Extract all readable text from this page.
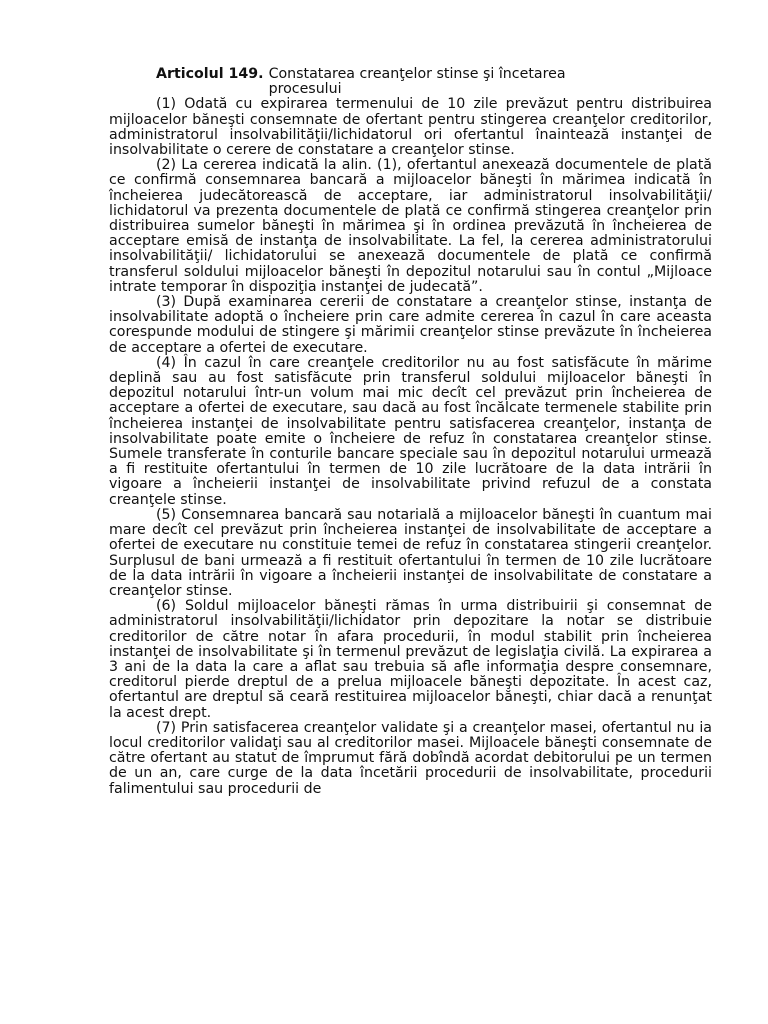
Articolul 149. Constatarea creanţelor stinse şi încetarea procesului

(1) Odată cu expirarea termenului de 10 zile prevăzut pentru distribuirea mijloacelor băneşti consemnate de ofertant pentru stingerea creanţelor creditorilor, administratorul insolvabilităţii/lichidatorul ori ofertantul înaintează instanţei de insolvabilitate o cerere de constatare a creanţelor stinse.

(2) La cererea indicată la alin. (1), ofertantul anexează documentele de plată ce confirmă consemnarea bancară a mijloacelor băneşti în mărimea indicată în încheierea judecătorească de acceptare, iar administratorul insolvabilităţii/ lichidatorul va prezenta documentele de plată ce confirmă stingerea creanţelor prin distribuirea sumelor băneşti în mărimea şi în ordinea prevăzută în încheierea de acceptare emisă de instanţa de insolvabilitate. La fel, la cererea administratorului insolvabilităţii/ lichidatorului se anexează documentele de plată ce confirmă transferul soldului mijloacelor băneşti în depozitul notarului sau în contul „Mijloace intrate temporar în dispoziţia instanţei de judecată”.

(3) După examinarea cererii de constatare a creanţelor stinse, instanţa de insolvabilitate adoptă o încheiere prin care admite cererea în cazul în care aceasta corespunde modului de stingere şi mărimii creanţelor stinse prevăzute în încheierea de acceptare a ofertei de executare.

(4) În cazul în care creanţele creditorilor nu au fost satisfăcute în mărime deplină sau au fost satisfăcute prin transferul soldului mijloacelor băneşti în depozitul notarului într-un volum mai mic decît cel prevăzut prin încheierea de acceptare a ofertei de executare, sau dacă au fost încălcate termenele stabilite prin încheierea instanţei de insolvabilitate pentru satisfacerea creanţelor, instanţa de insolvabilitate poate emite o încheiere de refuz în constatarea creanţelor stinse. Sumele transferate în conturile bancare speciale sau în depozitul notarului urmează a fi restituite ofertantului în termen de 10 zile lucrătoare de la data intrării în vigoare a încheierii instanţei de insolvabilitate privind refuzul de a constata creanţele stinse.

(5) Consemnarea bancară sau notarială a mijloacelor băneşti în cuantum mai mare decît cel prevăzut prin încheierea instanţei de insolvabilitate de acceptare a ofertei de executare nu constituie temei de refuz în constatarea stingerii creanţelor. Surplusul de bani urmează a fi restituit ofertantului în termen de 10 zile lucrătoare de la data intrării în vigoare a încheierii instanţei de insolvabilitate de constatare a creanţelor stinse.

(6) Soldul mijloacelor băneşti rămas în urma distribuirii şi consemnat de administratorul insolvabilităţii/lichidator prin depozitare la notar se distribuie creditorilor de către notar în afara procedurii, în modul stabilit prin încheierea instanţei de insolvabilitate şi în termenul prevăzut de legislaţia civilă. La expirarea a 3 ani de la data la care a aflat sau trebuia să afle informaţia despre consemnare, creditorul pierde dreptul de a prelua mijloacele băneşti depozitate. În acest caz, ofertantul are dreptul să ceară restituirea mijloacelor băneşti, chiar dacă a renunţat la acest drept.

(7) Prin satisfacerea creanţelor validate şi a creanţelor masei, ofertantul nu ia locul creditorilor validaţi sau al creditorilor masei. Mijloacele băneşti consemnate de către ofertant au statut de împrumut fără dobîndă acordat debitorului pe un termen de un an, care curge de la data încetării procedurii de insolvabilitate, procedurii falimentului sau procedurii de
